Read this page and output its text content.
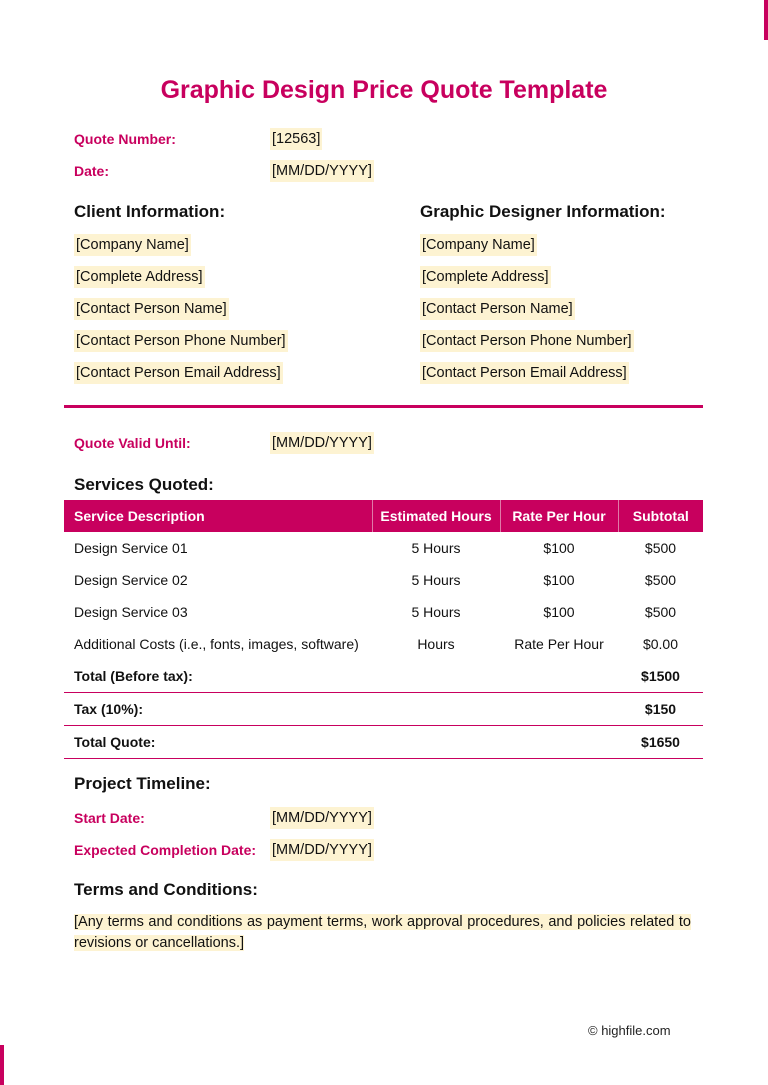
Graphic Design Price Quote Template
Quote Number:	[12563]
Date:	[MM/DD/YYYY]
Client Information:	Graphic Designer Information:
[Company Name]
[Complete Address]
[Contact Person Name]
[Contact Person Phone Number]
[Contact Person Email Address]
[Company Name]
[Complete Address]
[Contact Person Name]
[Contact Person Phone Number]
[Contact Person Email Address]
Quote Valid Until:	[MM/DD/YYYY]
Services Quoted:
Service Description	Estimated Hours	Rate Per Hour	Subtotal
Design Service 01	5 Hours	$100	$500
Design Service 02	5 Hours	$100	$500
Design Service 03	5 Hours	$100	$500
Additional Costs (i.e., fonts, images, software)	Hours	Rate Per Hour	$0.00
Total (Before tax):			$1500
Tax (10%):			$150
Total Quote:			$1650
Project Timeline:
Start Date:	[MM/DD/YYYY]
Expected Completion Date: [MM/DD/YYYY]
Terms and Conditions:
[Any terms and conditions as payment terms, work approval procedures, and policies related to revisions or cancellations.]
© highfile.com
